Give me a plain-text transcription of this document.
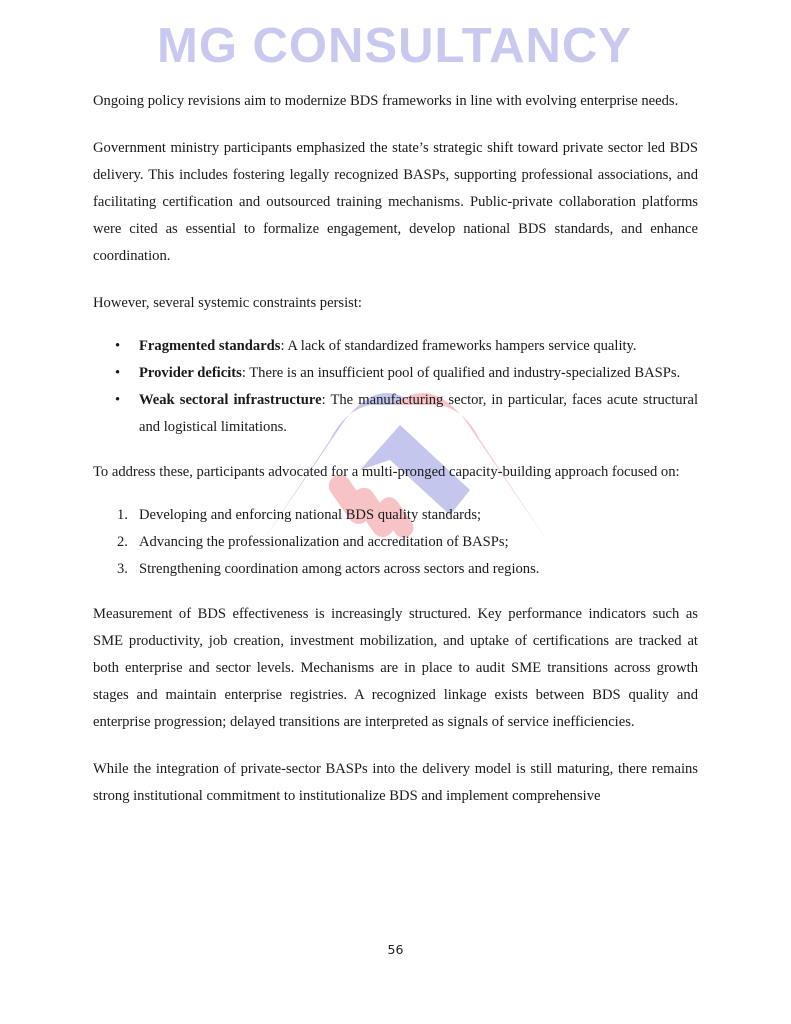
MG CONSULTANCY

Ongoing policy revisions aim to modernize BDS frameworks in line with evolving enterprise needs.

Government ministry participants emphasized the state’s strategic shift toward private sector led BDS delivery. This includes fostering legally recognized BASPs, supporting professional associations, and facilitating certification and outsourced training mechanisms. Public-private collaboration platforms were cited as essential to formalize engagement, develop national BDS standards, and enhance coordination.

However, several systemic constraints persist:

• Fragmented standards: A lack of standardized frameworks hampers service quality.
• Provider deficits: There is an insufficient pool of qualified and industry-specialized BASPs.
• Weak sectoral infrastructure: The manufacturing sector, in particular, faces acute structural and logistical limitations.

To address these, participants advocated for a multi-pronged capacity-building approach focused on:

1. Developing and enforcing national BDS quality standards;
2. Advancing the professionalization and accreditation of BASPs;
3. Strengthening coordination among actors across sectors and regions.

Measurement of BDS effectiveness is increasingly structured. Key performance indicators such as SME productivity, job creation, investment mobilization, and uptake of certifications are tracked at both enterprise and sector levels. Mechanisms are in place to audit SME transitions across growth stages and maintain enterprise registries. A recognized linkage exists between BDS quality and enterprise progression; delayed transitions are interpreted as signals of service inefficiencies.

While the integration of private-sector BASPs into the delivery model is still maturing, there remains strong institutional commitment to institutionalize BDS and implement comprehensive

56
